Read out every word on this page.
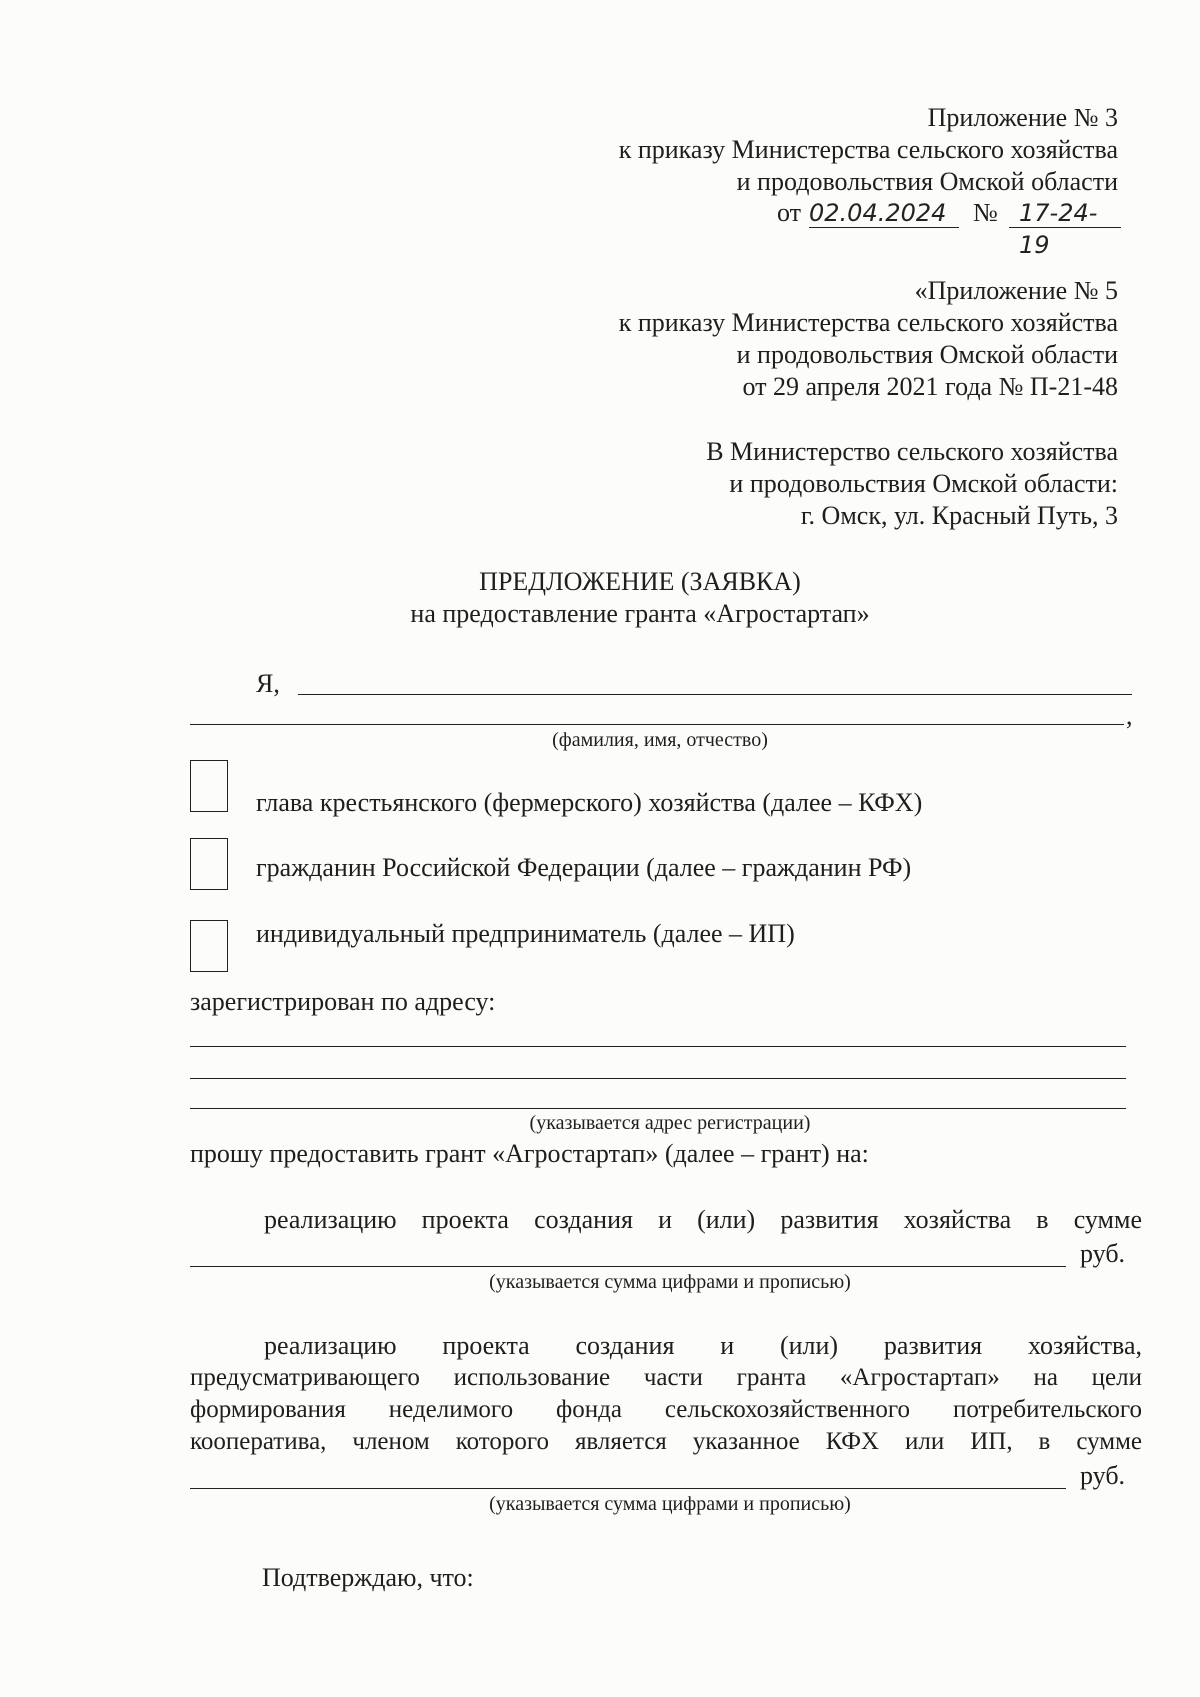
Приложение № 3
к приказу Министерства сельского хозяйства
и продовольствия Омской области
от 02.04.2024 № 17-24-19
«Приложение № 5
к приказу Министерства сельского хозяйства
и продовольствия Омской области
от 29 апреля 2021 года № П-21-48
В Министерство сельского хозяйства
и продовольствия Омской области:
г. Омск, ул. Красный Путь, 3
ПРЕДЛОЖЕНИЕ (ЗАЯВКА)
на предоставление гранта «Агростартап»
Я,
,
(фамилия, имя, отчество)
глава крестьянского (фермерского) хозяйства (далее – КФХ)
гражданин Российской Федерации (далее – гражданин РФ)
индивидуальный предприниматель (далее – ИП)
зарегистрирован по адресу:
(указывается адрес регистрации)
прошу предоставить грант «Агростартап» (далее – грант) на:
реализацию проекта создания и (или) развития хозяйства в сумме
руб.
(указывается сумма цифрами и прописью)
реализацию проекта создания и (или) развития хозяйства,
предусматривающего использование части гранта «Агростартап» на цели
формирования неделимого фонда сельскохозяйственного потребительского
кооператива, членом которого является указанное КФХ или ИП, в сумме
руб.
(указывается сумма цифрами и прописью)
Подтверждаю, что:
